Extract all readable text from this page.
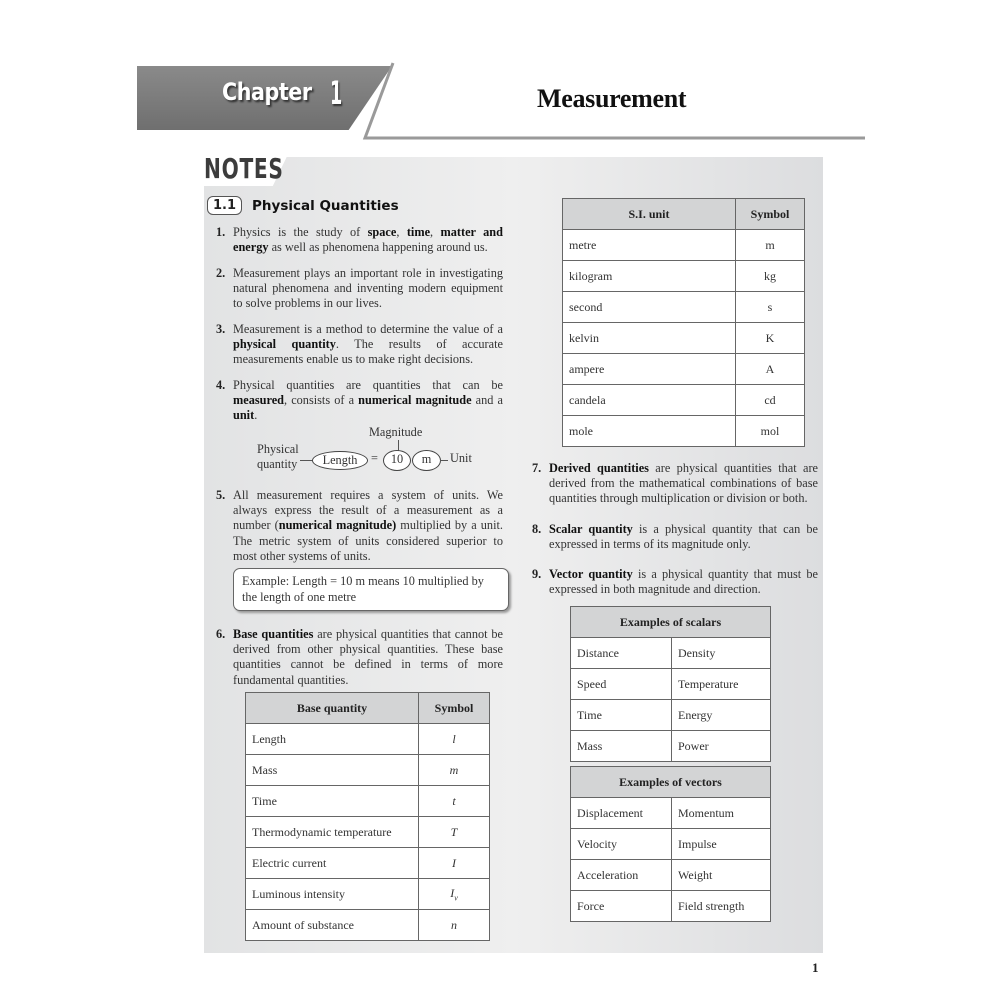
Chapter 1	Measurement
NOTES
1.1	Physical Quantities
1. Physics is the study of space, time, matter and energy as well as phenomena happening around us.
2. Measurement plays an important role in investigating natural phenomena and inventing modern equipment to solve problems in our lives.
3. Measurement is a method to determine the value of a physical quantity. The results of accurate measurements enable us to make right decisions.
4. Physical quantities are quantities that can be measured, consists of a numerical magnitude and a unit.
Physical
quantity
Magnitude
Length	=	10	m	Unit
5. All measurement requires a system of units. We always express the result of a measurement as a number (numerical magnitude) multiplied by a unit. The metric system of units considered superior to most other systems of units.
Example: Length = 10 m means 10 multiplied by the length of one metre
6. Base quantities are physical quantities that cannot be derived from other physical quantities. These base quantities cannot be defined in terms of more fundamental quantities.
Base quantity	Symbol
Length	l
Mass	m
Time	t
Thermodynamic temperature	T
Electric current	I
Luminous intensity	$I_v$
Amount of substance	n
S.I. unit	Symbol
metre	m
kilogram	kg
second	s
kelvin	K
ampere	A
candela	cd
mole	mol
7. Derived quantities are physical quantities that are derived from the mathematical combinations of base quantities through multiplication or division or both.
8. Scalar quantity is a physical quantity that can be expressed in terms of its magnitude only.
9. Vector quantity is a physical quantity that must be expressed in both magnitude and direction.
Examples of scalars	
Distance	Density
Speed	Temperature
Time	Energy
Mass	Power
Examples of vectors	
Displacement	Momentum
Velocity	Impulse
Acceleration	Weight
Force	Field strength
1
